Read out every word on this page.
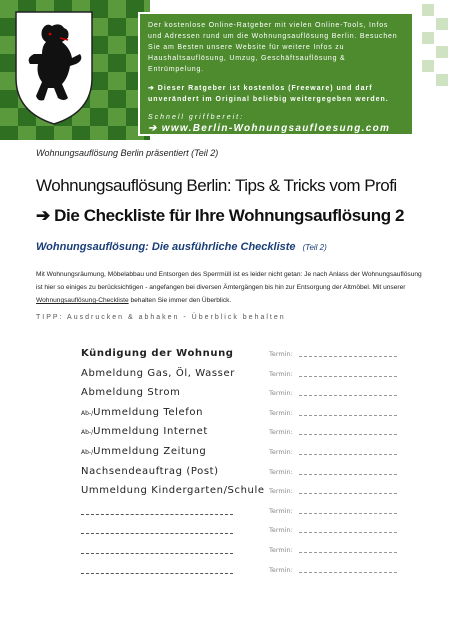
Der kostenlose Online-Ratgeber mit vielen Online-Tools, Infos und Adressen rund um die Wohnungsauflösung Berlin. Besuchen Sie am Besten unsere Website für weitere Infos zu Haushaltsauflösung, Umzug, Geschäftsauflösung & Entrümpelung.

➔ Dieser Ratgeber ist kostenlos (Freeware) und darf unverändert im Original beliebig weitergegeben werden.

Schnell griffbereit:

➔ www.Berlin-Wohnungsaufloesung.com

Wohnungsauflösung Berlin präsentiert (Teil 2)
Wohnungsauflösung Berlin: Tips & Tricks vom Profi
➔ Die Checkliste für Ihre Wohnungsauflösung 2
Wohnungsauflösung: Die ausführliche Checkliste (Teil 2)
Mit Wohnungsräumung, Möbelabbau und Entsorgen des Sperrmüll ist es leider nicht getan: Je nach Anlass der Wohnungsauflösung ist hier so einiges zu berücksichtigen - angefangen bei diversen Ämtergängen bis hin zur Entsorgung der Altmöbel. Mit unserer Wohnungsauflösung-Checkliste behalten Sie immer den Überblick.
TIPP: Ausdrucken & abhaken - Überblick behalten
Kündigung der Wohnung	Termin:
Abmeldung Gas, Öl, Wasser	Termin:
Abmeldung Strom	Termin:
Ab-/Ummeldung Telefon	Termin:
Ab-/Ummeldung Internet	Termin:
Ab-/Ummeldung Zeitung	Termin:
Nachsendeauftrag (Post)	Termin:
Ummeldung Kindergarten/Schule Termin:
Termin:
Termin:
Termin:
Termin:
